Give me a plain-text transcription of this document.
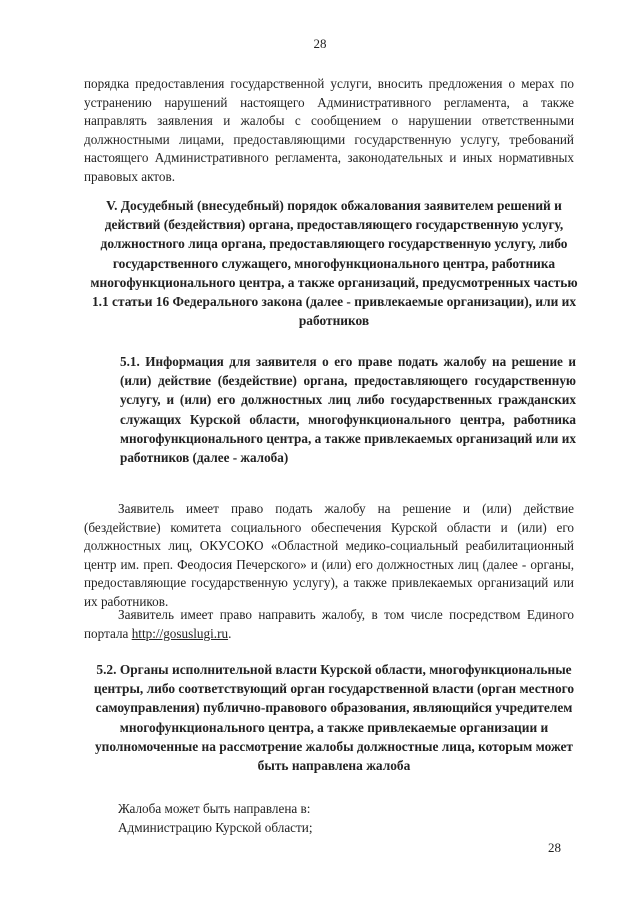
28
порядка предоставления государственной услуги, вносить предложения о мерах по устранению нарушений настоящего Административного регламента, а также направлять заявления и жалобы с сообщением о нарушении ответственными должностными лицами, предоставляющими государственную услугу, требований настоящего Административного регламента, законодательных и иных нормативных правовых актов.
V. Досудебный (внесудебный) порядок обжалования заявителем решений и действий (бездействия) органа, предоставляющего государственную услугу, должностного лица органа, предоставляющего государственную услугу, либо государственного служащего, многофункционального центра, работника многофункционального центра, а также организаций, предусмотренных частью 1.1 статьи 16 Федерального закона (далее - привлекаемые организации), или их работников
5.1. Информация для заявителя о его праве подать жалобу на решение и (или) действие (бездействие) органа, предоставляющего государственную услугу, и (или) его должностных лиц либо государственных гражданских служащих Курской области, многофункционального центра, работника многофункционального центра, а также привлекаемых организаций или их работников (далее - жалоба)
Заявитель имеет право подать жалобу на решение и (или) действие (бездействие) комитета социального обеспечения Курской области и (или) его должностных лиц, ОКУСОКО «Областной медико-социальный реабилитационный центр им. преп. Феодосия Печерского» и (или) его должностных лиц (далее - органы, предоставляющие государственную услугу), а также привлекаемых организаций или их работников.
Заявитель имеет право направить жалобу, в том числе посредством Единого портала http://gosuslugi.ru.
5.2. Органы исполнительной власти Курской области, многофункциональные центры, либо соответствующий орган государственной власти (орган местного самоуправления) публично-правового образования, являющийся учредителем многофункционального центра, а также привлекаемые организации и уполномоченные на рассмотрение жалобы должностные лица, которым может быть направлена жалоба
Жалоба может быть направлена в:
Администрацию Курской области;
28
